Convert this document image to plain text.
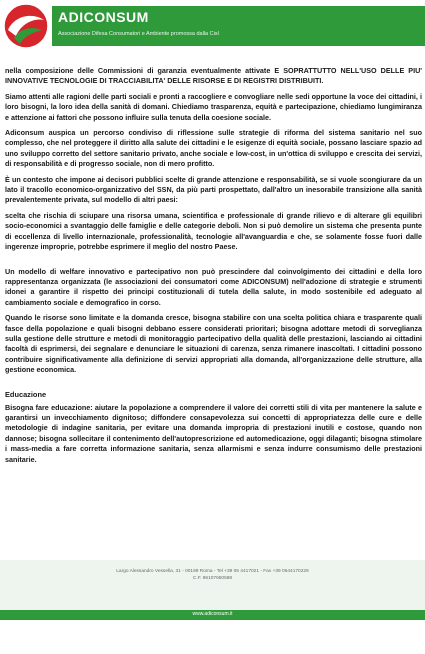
ADICONSUM
Associazione Difesa Consumatori e Ambiente promossa dalla Cisl

nella composizione delle Commissioni di garanzia eventualmente attivate E SOPRATTUTTO NELL'USO DELLE PIU' INNOVATIVE TECNOLOGIE DI TRACCIABILITA' DELLE RISORSE E DI REGISTRI DISTRIBUITI.

Siamo attenti alle ragioni delle parti sociali e pronti a raccogliere e convogliare nelle sedi opportune la voce dei cittadini, i loro bisogni, la loro idea della sanità di domani. Chiediamo trasparenza, equità e partecipazione, chiediamo lungimiranza e attenzione ai fattori che possono influire sulla tenuta della coesione sociale.

Adiconsum auspica un percorso condiviso di riflessione sulle strategie di riforma del sistema sanitario nel suo complesso, che nel proteggere il diritto alla salute dei cittadini e le esigenze di equità sociale, possano lasciare spazio ad uno sviluppo corretto del settore sanitario privato, anche sociale e low-cost, in un'ottica di sviluppo e crescita dei servizi, di responsabilità e di progresso sociale, non di mero profitto.

È un contesto che impone ai decisori pubblici scelte di grande attenzione e responsabilità, se si vuole scongiurare da un lato il tracollo economico-organizzativo del SSN, da più parti prospettato, dall'altro un inesorabile transizione alla sanità prevalentemente privata, sul modello di altri paesi:

scelta che rischia di sciupare una risorsa umana, scientifica e professionale di grande rilievo e di alterare gli equilibri socio-economici a svantaggio delle famiglie e delle categorie deboli. Non si può demolire un sistema che presenta punte di eccellenza di livello internazionale, professionalità, tecnologie all'avanguardia e che, se solamente fosse fuori dalle ingerenze improprie, potrebbe esprimere il meglio del nostro Paese.

Un modello di welfare innovativo e partecipativo non può prescindere dal coinvolgimento dei cittadini e della loro rappresentanza organizzata (le associazioni dei consumatori come ADICONSUM) nell'adozione di strategie e strumenti idonei a garantire il rispetto dei principi costituzionali di tutela della salute, in modo sostenibile ed adeguato al cambiamento sociale e demografico in corso.

Quando le risorse sono limitate e la domanda cresce, bisogna stabilire con una scelta politica chiara e trasparente quali fasce della popolazione e quali bisogni debbano essere considerati prioritari; bisogna adottare metodi di sorveglianza sulla gestione delle strutture e metodi di monitoraggio partecipativo della qualità delle prestazioni, lasciando ai cittadini facoltà di esprimersi, dei segnalare e denunciare le situazioni di carenza, senza rimanere inascoltati. I cittadini possono contribuire significativamente alla definizione di servizi appropriati alla domanda, all'organizzazione delle strutture, alla gestione economica.

Educazione

Bisogna fare educazione: aiutare la popolazione a comprendere il valore dei corretti stili di vita per mantenere la salute e garantirsi un invecchiamento dignitoso; diffondere consapevolezza sui concetti di appropriatezza delle cure e delle metodologie di indagine sanitaria, per evitare una domanda impropria di prestazioni inutili e costose, quando non dannose; bisogna sollecitare il contenimento dell'autoprescrizione ed automedicazione, oggi dilaganti; bisogna stimolare i mass-media a fare corretta informazione sanitaria, senza allarmismi e senza indurre consumismo delle prestazioni sanitarie.

Largo Alessandro Vessella, 31 - 00199 Roma - Tel +39 06 4417021 - Fax +39 0644170229
C.F. 96107650588
www.adiconsum.it
